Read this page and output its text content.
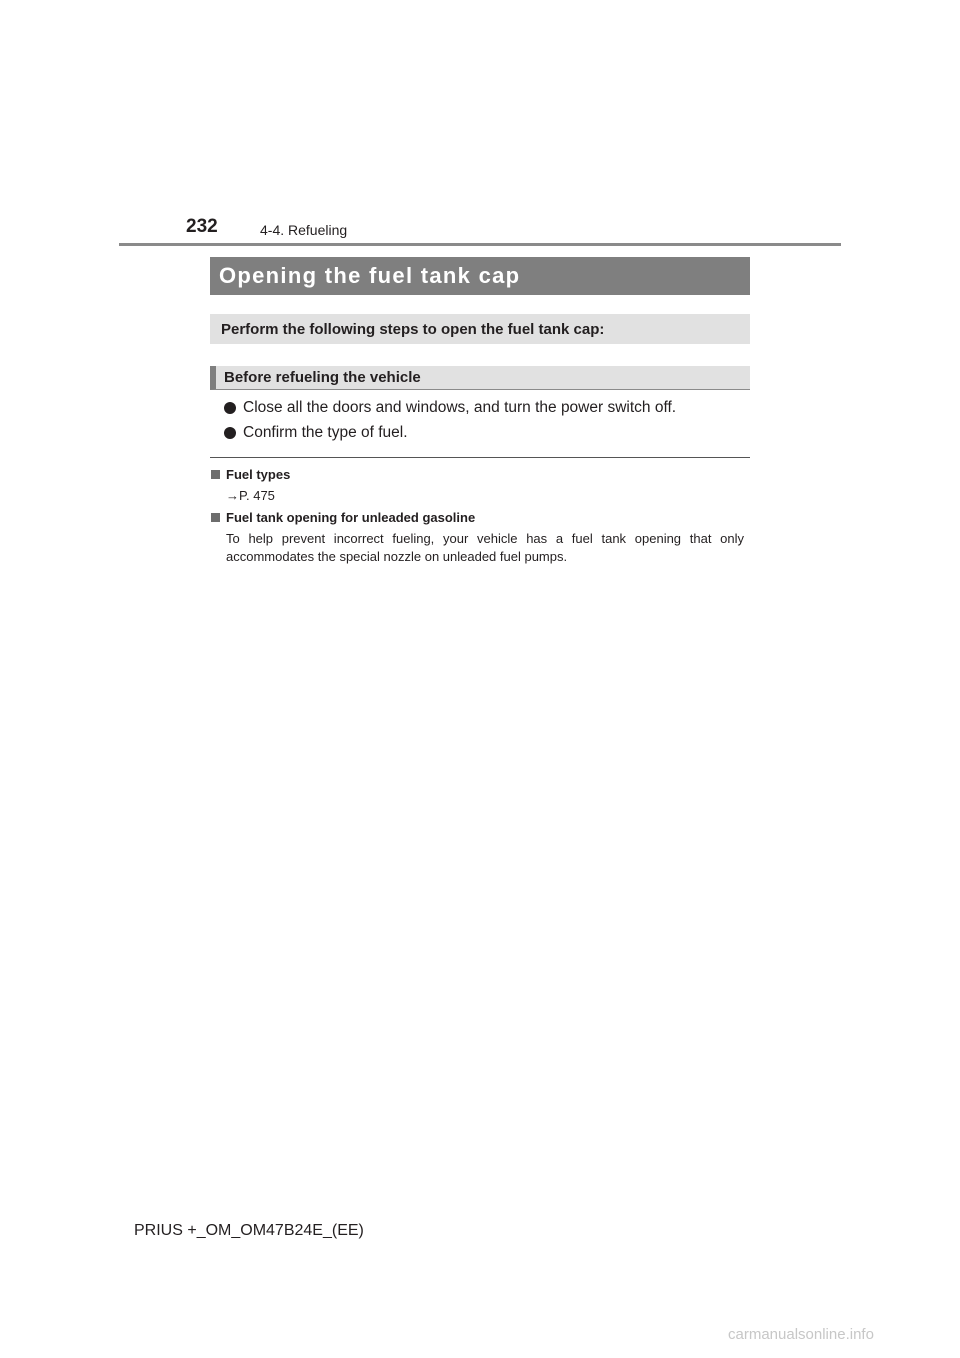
232	4-4. Refueling
Opening the fuel tank cap
Perform the following steps to open the fuel tank cap:
Before refueling the vehicle
Close all the doors and windows, and turn the power switch off.
Confirm the type of fuel.
Fuel types
→P. 475
Fuel tank opening for unleaded gasoline
To help prevent incorrect fueling, your vehicle has a fuel tank opening that only accommodates the special nozzle on unleaded fuel pumps.
PRIUS +_OM_OM47B24E_(EE)
carmanualsonline.info
